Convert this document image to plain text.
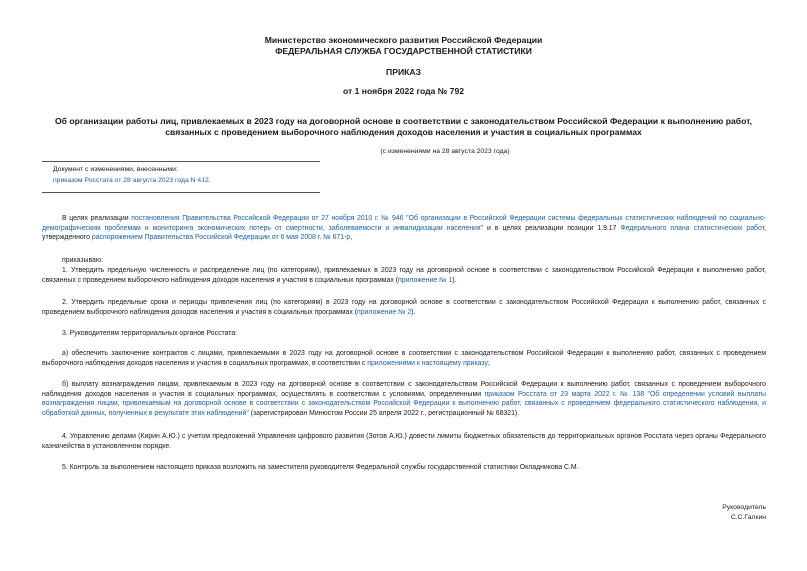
Министерство экономического развития Российской Федерации
ФЕДЕРАЛЬНАЯ СЛУЖБА ГОСУДАРСТВЕННОЙ СТАТИСТИКИ
ПРИКАЗ
от 1 ноября 2022 года № 792
Об организации работы лиц, привлекаемых в 2023 году на договорной основе в соответствии с законодательством Российской Федерации к выполнению работ,
связанных с проведением выборочного наблюдения доходов населения и участия в социальных программах
(с изменениями на 28 августа 2023 года)
Документ с изменениями, внесенными:
приказом Росстата от 28 августа 2023 года N 412.
В целях реализации постановления Правительства Российской Федерации от 27 ноября 2010 г. № 946 "Об организации в Российской Федерации системы федеральных статистических наблюдений по социально-демографическим проблемам и мониторинга экономических потерь от смертности, заболеваемости и инвалидизации населения" и в целях реализации позиции 1.9.17 Федерального плана статистических работ, утвержденного распоряжением Правительства Российской Федерации от 6 мая 2008 г. № 671-р,
приказываю:
1. Утвердить предельную численность и распределение лиц (по категориям), привлекаемых в 2023 году на договорной основе в соответствии с законодательством Российской Федерации к выполнению работ, связанных с проведением выборочного наблюдения доходов населения и участия в социальных программах (приложение № 1).
2. Утвердить предельные сроки и периоды привлечения лиц (по категориям) в 2023 году на договорной основе в соответствии с законодательством Российской Федерации к выполнению работ, связанных с проведением выборочного наблюдения доходов населения и участия в социальных программах (приложение № 2).
3. Руководителям территориальных органов Росстата:
а) обеспечить заключение контрактов с лицами, привлекаемыми в 2023 году на договорной основе в соответствии с законодательством Российской Федерации к выполнению работ, связанных с проведением выборочного наблюдения доходов населения и участия в социальных программах, в соответствии с приложениями к настоящему приказу;
б) выплату вознаграждения лицам, привлекаемым в 2023 году на договорной основе в соответствии с законодательством Российской Федерации к выполнению работ, связанных с проведением выборочного наблюдения доходов населения и участия в социальных программах, осуществлять в соответствии с условиями, определенными приказом Росстата от 23 марта 2022 г. № 138 "Об определении условий выплаты вознаграждения лицам, привлекаемым на договорной основе в соответствии с законодательством Российской Федерации к выполнению работ, связанных с проведением федерального статистического наблюдения, и обработкой данных, полученных в результате этих наблюдений" (зарегистрирован Минюстом России 25 апреля 2022 г., регистрационный № 68321).
4. Управлению делами (Кирин А.Ю.) с учетом предложений Управления цифрового развития (Зотов А.Ю.) довести лимиты бюджетных обязательств до территориальных органов Росстата через органы Федерального казначейства в установленном порядке.
5. Контроль за выполнением настоящего приказа возложить на заместителя руководителя Федеральной службы государственной статистики Окладникова С.М.
Руководитель
С.С.Галкин
